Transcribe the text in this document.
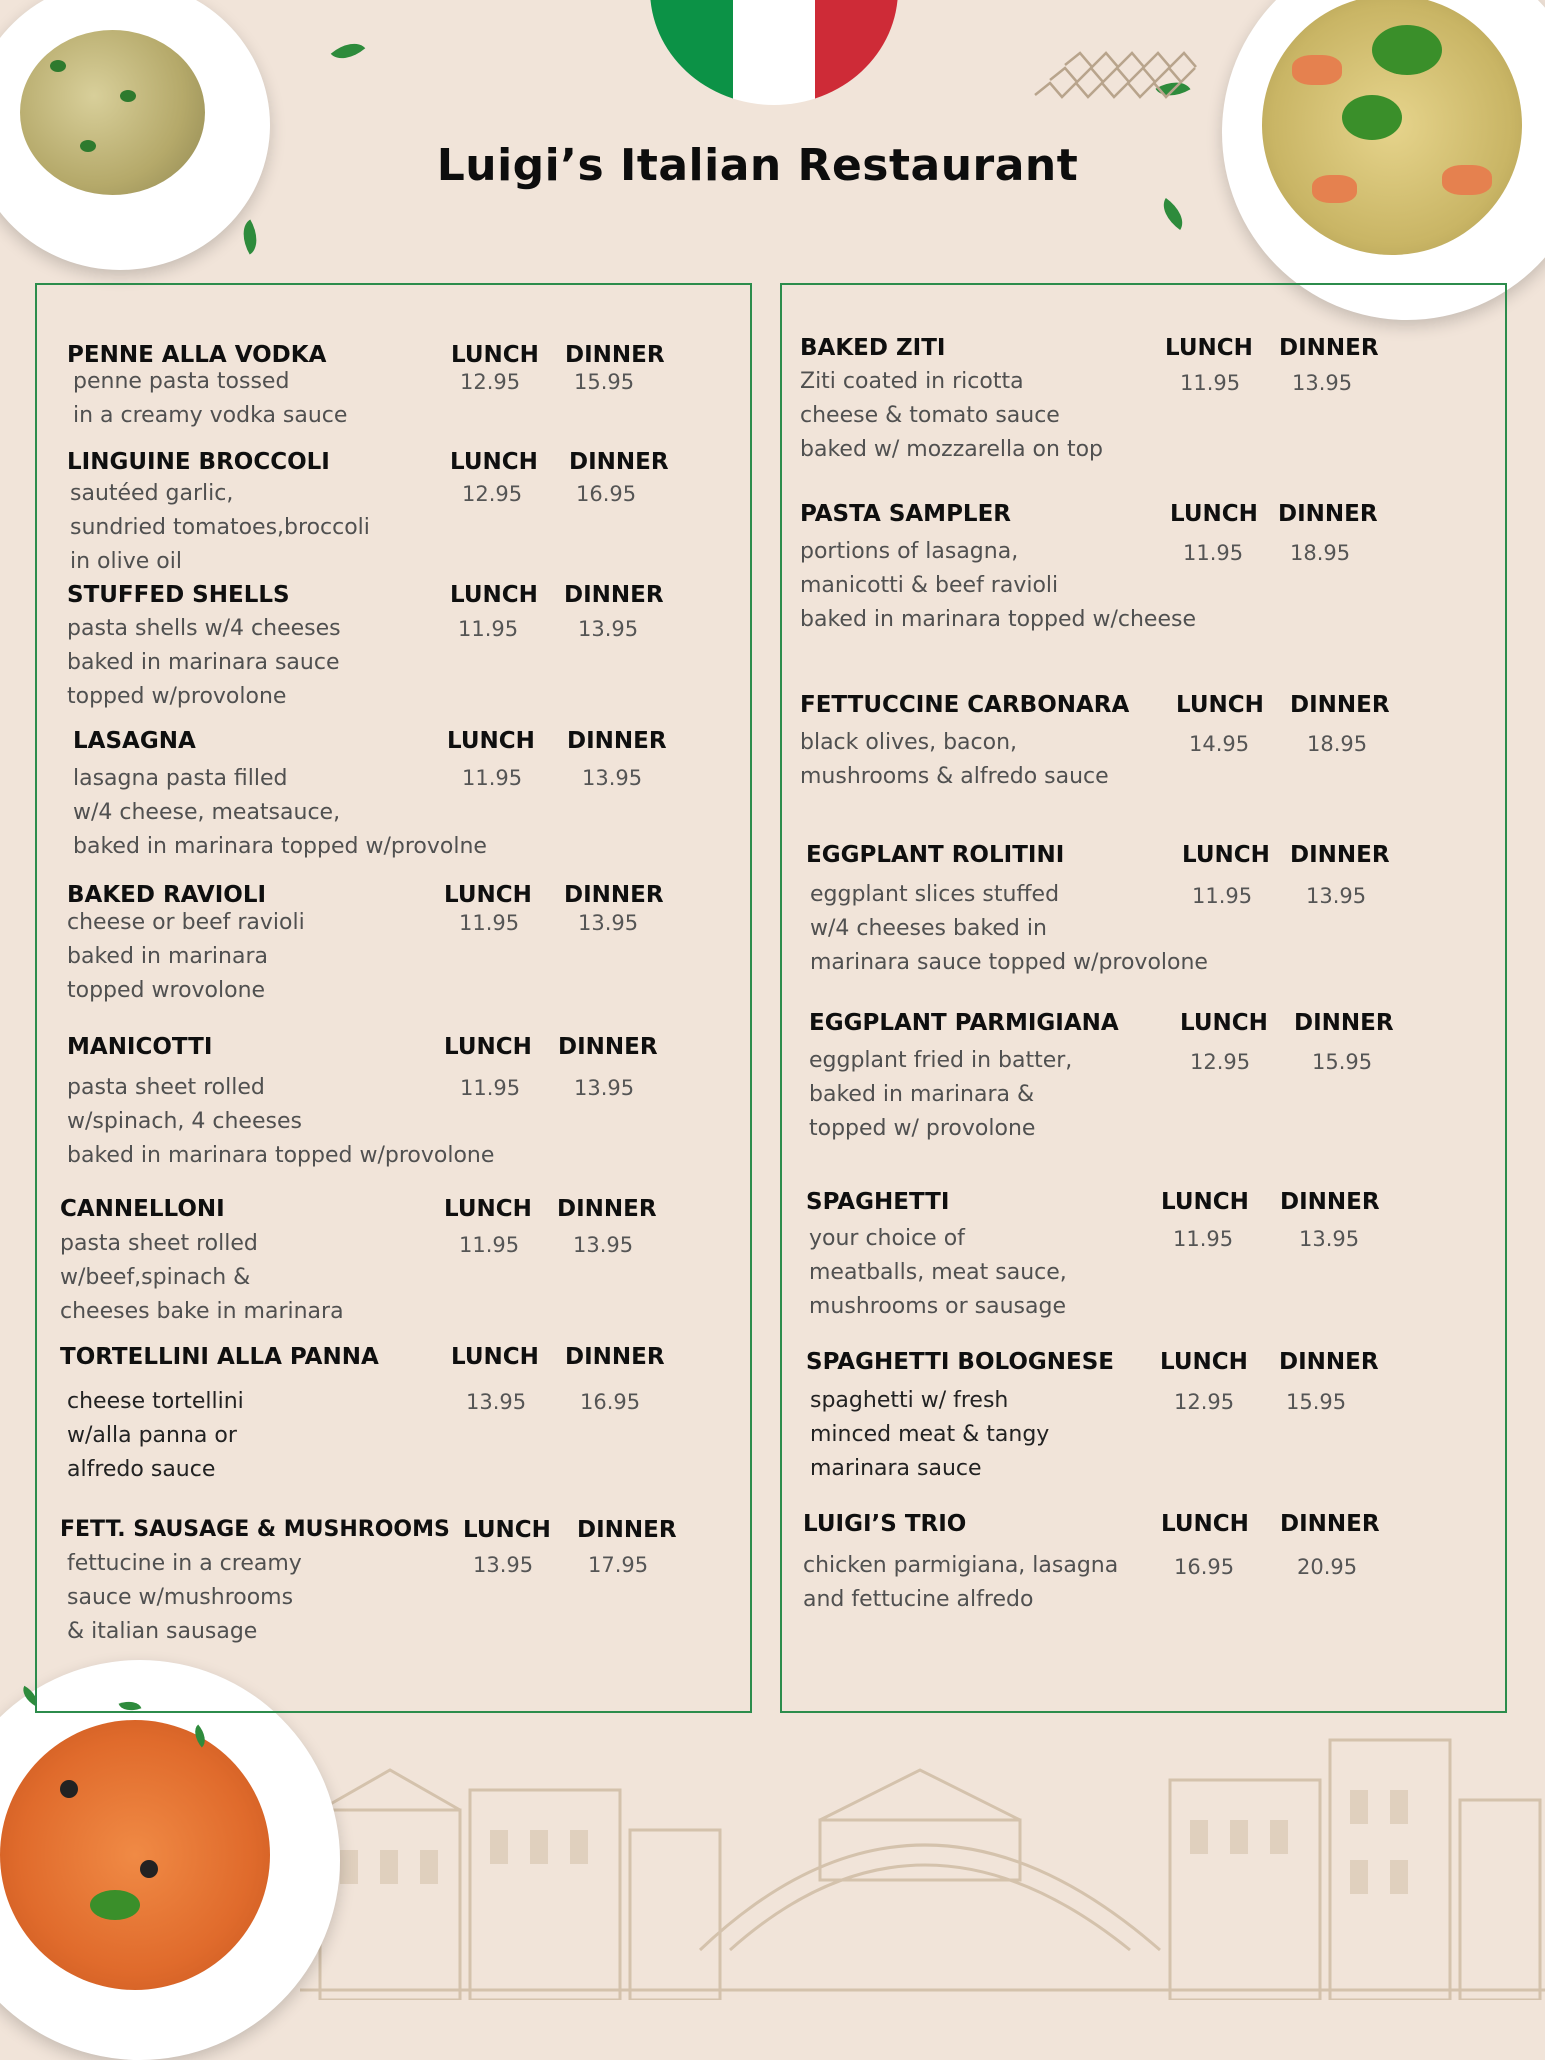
Luigi’s Italian Restaurant
PENNE ALLA VODKA	LUNCH DINNER
12.95	15.95
penne pasta tossed
in a creamy vodka sauce
LINGUINE BROCCOLI	LUNCH DINNER
12.95	16.95
sautéed garlic,
sundried tomatoes,broccoli
in olive oil
STUFFED SHELLS	LUNCH DINNER
11.95	13.95
pasta shells w/4 cheeses
baked in marinara sauce
topped w/provolone
LASAGNA	LUNCH DINNER
11.95	13.95
lasagna pasta filled
w/4 cheese, meatsauce,
baked in marinara topped w/provolne
BAKED RAVIOLI	LUNCH DINNER
11.95	13.95
cheese or beef ravioli
baked in marinara
topped wrovolone
MANICOTTI	LUNCH DINNER
11.95	13.95
pasta sheet rolled
w/spinach, 4 cheeses
baked in marinara topped w/provolone
CANNELLONI	LUNCH DINNER
11.95	13.95
pasta sheet rolled
w/beef,spinach &
cheeses bake in marinara
TORTELLINI ALLA PANNA	LUNCH DINNER
13.95	16.95
cheese tortellini
w/alla panna or
alfredo sauce
FETT. SAUSAGE & MUSHROOMS LUNCH DINNER
13.95	17.95
fettucine in a creamy
sauce w/mushrooms
& italian sausage
BAKED ZITI	LUNCH DINNER
11.95 13.95
Ziti coated in ricotta
cheese & tomato sauce
baked w/ mozzarella on top
PASTA SAMPLER	LUNCH DINNER
11.95 18.95
portions of lasagna,
manicotti & beef ravioli
baked in marinara topped w/cheese
FETTUCCINE CARBONARA LUNCH DINNER
14.95	18.95
black olives, bacon,
mushrooms & alfredo sauce
EGGPLANT ROLITINI	LUNCH DINNER
11.95	13.95
eggplant slices stuffed
w/4 cheeses baked in
marinara sauce topped w/provolone
EGGPLANT PARMIGIANA	LUNCH DINNER
12.95	15.95
eggplant fried in batter,
baked in marinara &
topped w/ provolone
SPAGHETTI	LUNCH DINNER
11.95	13.95
your choice of
meatballs, meat sauce,
mushrooms or sausage
SPAGHETTI BOLOGNESE LUNCH DINNER
12.95 15.95
spaghetti w/ fresh
minced meat & tangy
marinara sauce
LUIGI’S TRIO	LUNCH DINNER
16.95	20.95
chicken parmigiana, lasagna
and fettucine alfredo
